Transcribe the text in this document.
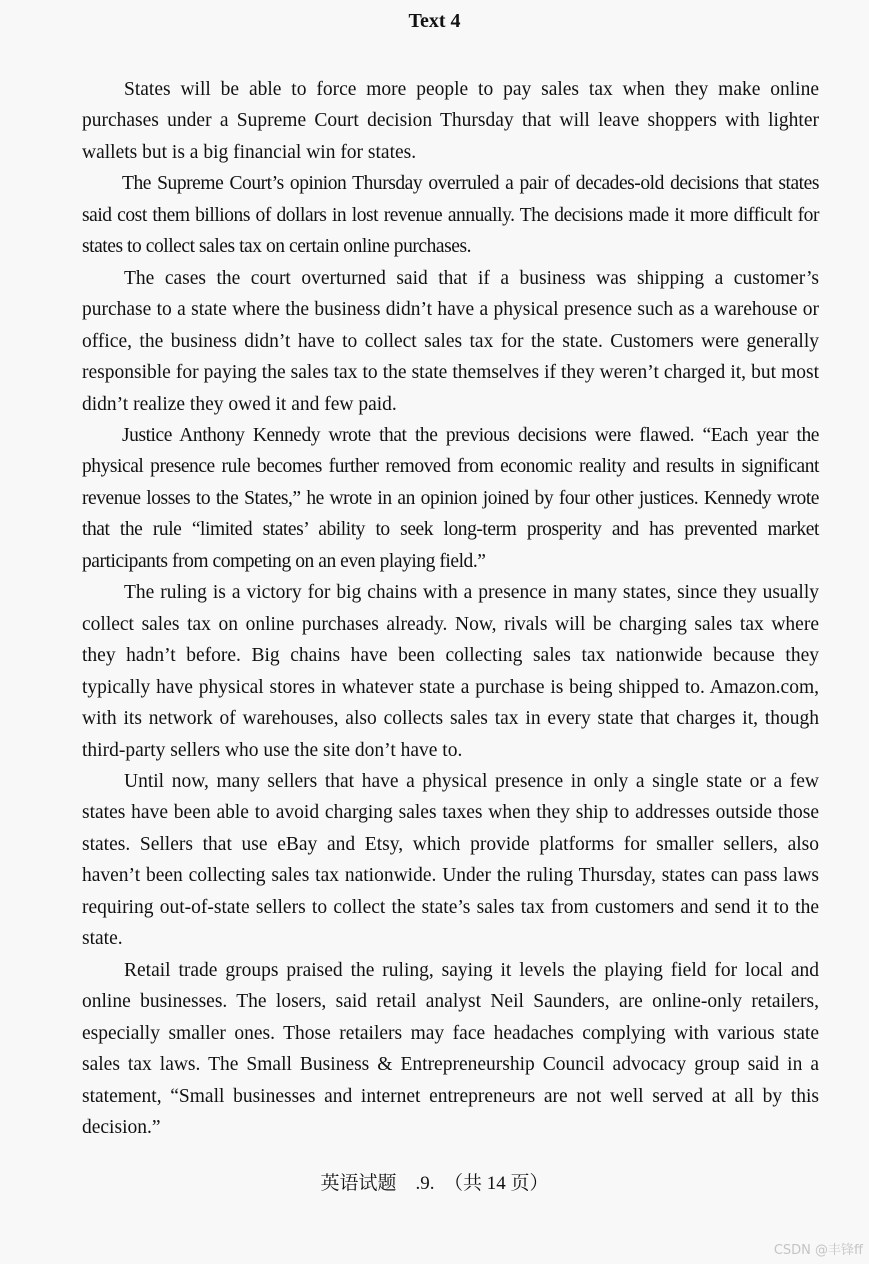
Text 4

States will be able to force more people to pay sales tax when they make online purchases under a Supreme Court decision Thursday that will leave shoppers with lighter wallets but is a big financial win for states.

The Supreme Court’s opinion Thursday overruled a pair of decades-old decisions that states said cost them billions of dollars in lost revenue annually. The decisions made it more difficult for states to collect sales tax on certain online purchases.

The cases the court overturned said that if a business was shipping a customer’s purchase to a state where the business didn’t have a physical presence such as a warehouse or office, the business didn’t have to collect sales tax for the state. Customers were generally responsible for paying the sales tax to the state themselves if they weren’t charged it, but most didn’t realize they owed it and few paid.

Justice Anthony Kennedy wrote that the previous decisions were flawed. “Each year the physical presence rule becomes further removed from economic reality and results in significant revenue losses to the States,” he wrote in an opinion joined by four other justices. Kennedy wrote that the rule “limited states’ ability to seek long-term prosperity and has prevented market participants from competing on an even playing field.”

The ruling is a victory for big chains with a presence in many states, since they usually collect sales tax on online purchases already. Now, rivals will be charging sales tax where they hadn’t before. Big chains have been collecting sales tax nationwide because they typically have physical stores in whatever state a purchase is being shipped to. Amazon.com, with its network of warehouses, also collects sales tax in every state that charges it, though third-party sellers who use the site don’t have to.

Until now, many sellers that have a physical presence in only a single state or a few states have been able to avoid charging sales taxes when they ship to addresses outside those states. Sellers that use eBay and Etsy, which provide platforms for smaller sellers, also haven’t been collecting sales tax nationwide. Under the ruling Thursday, states can pass laws requiring out-of-state sellers to collect the state’s sales tax from customers and send it to the state.

Retail trade groups praised the ruling, saying it levels the playing field for local and online businesses. The losers, said retail analyst Neil Saunders, are online-only retailers, especially smaller ones. Those retailers may face headaches complying with various state sales tax laws. The Small Business & Entrepreneurship Council advocacy group said in a statement, “Small businesses and internet entrepreneurs are not well served at all by this decision.”

英语试题　.9.　（共 14 页）
CSDN @丰锋ff
